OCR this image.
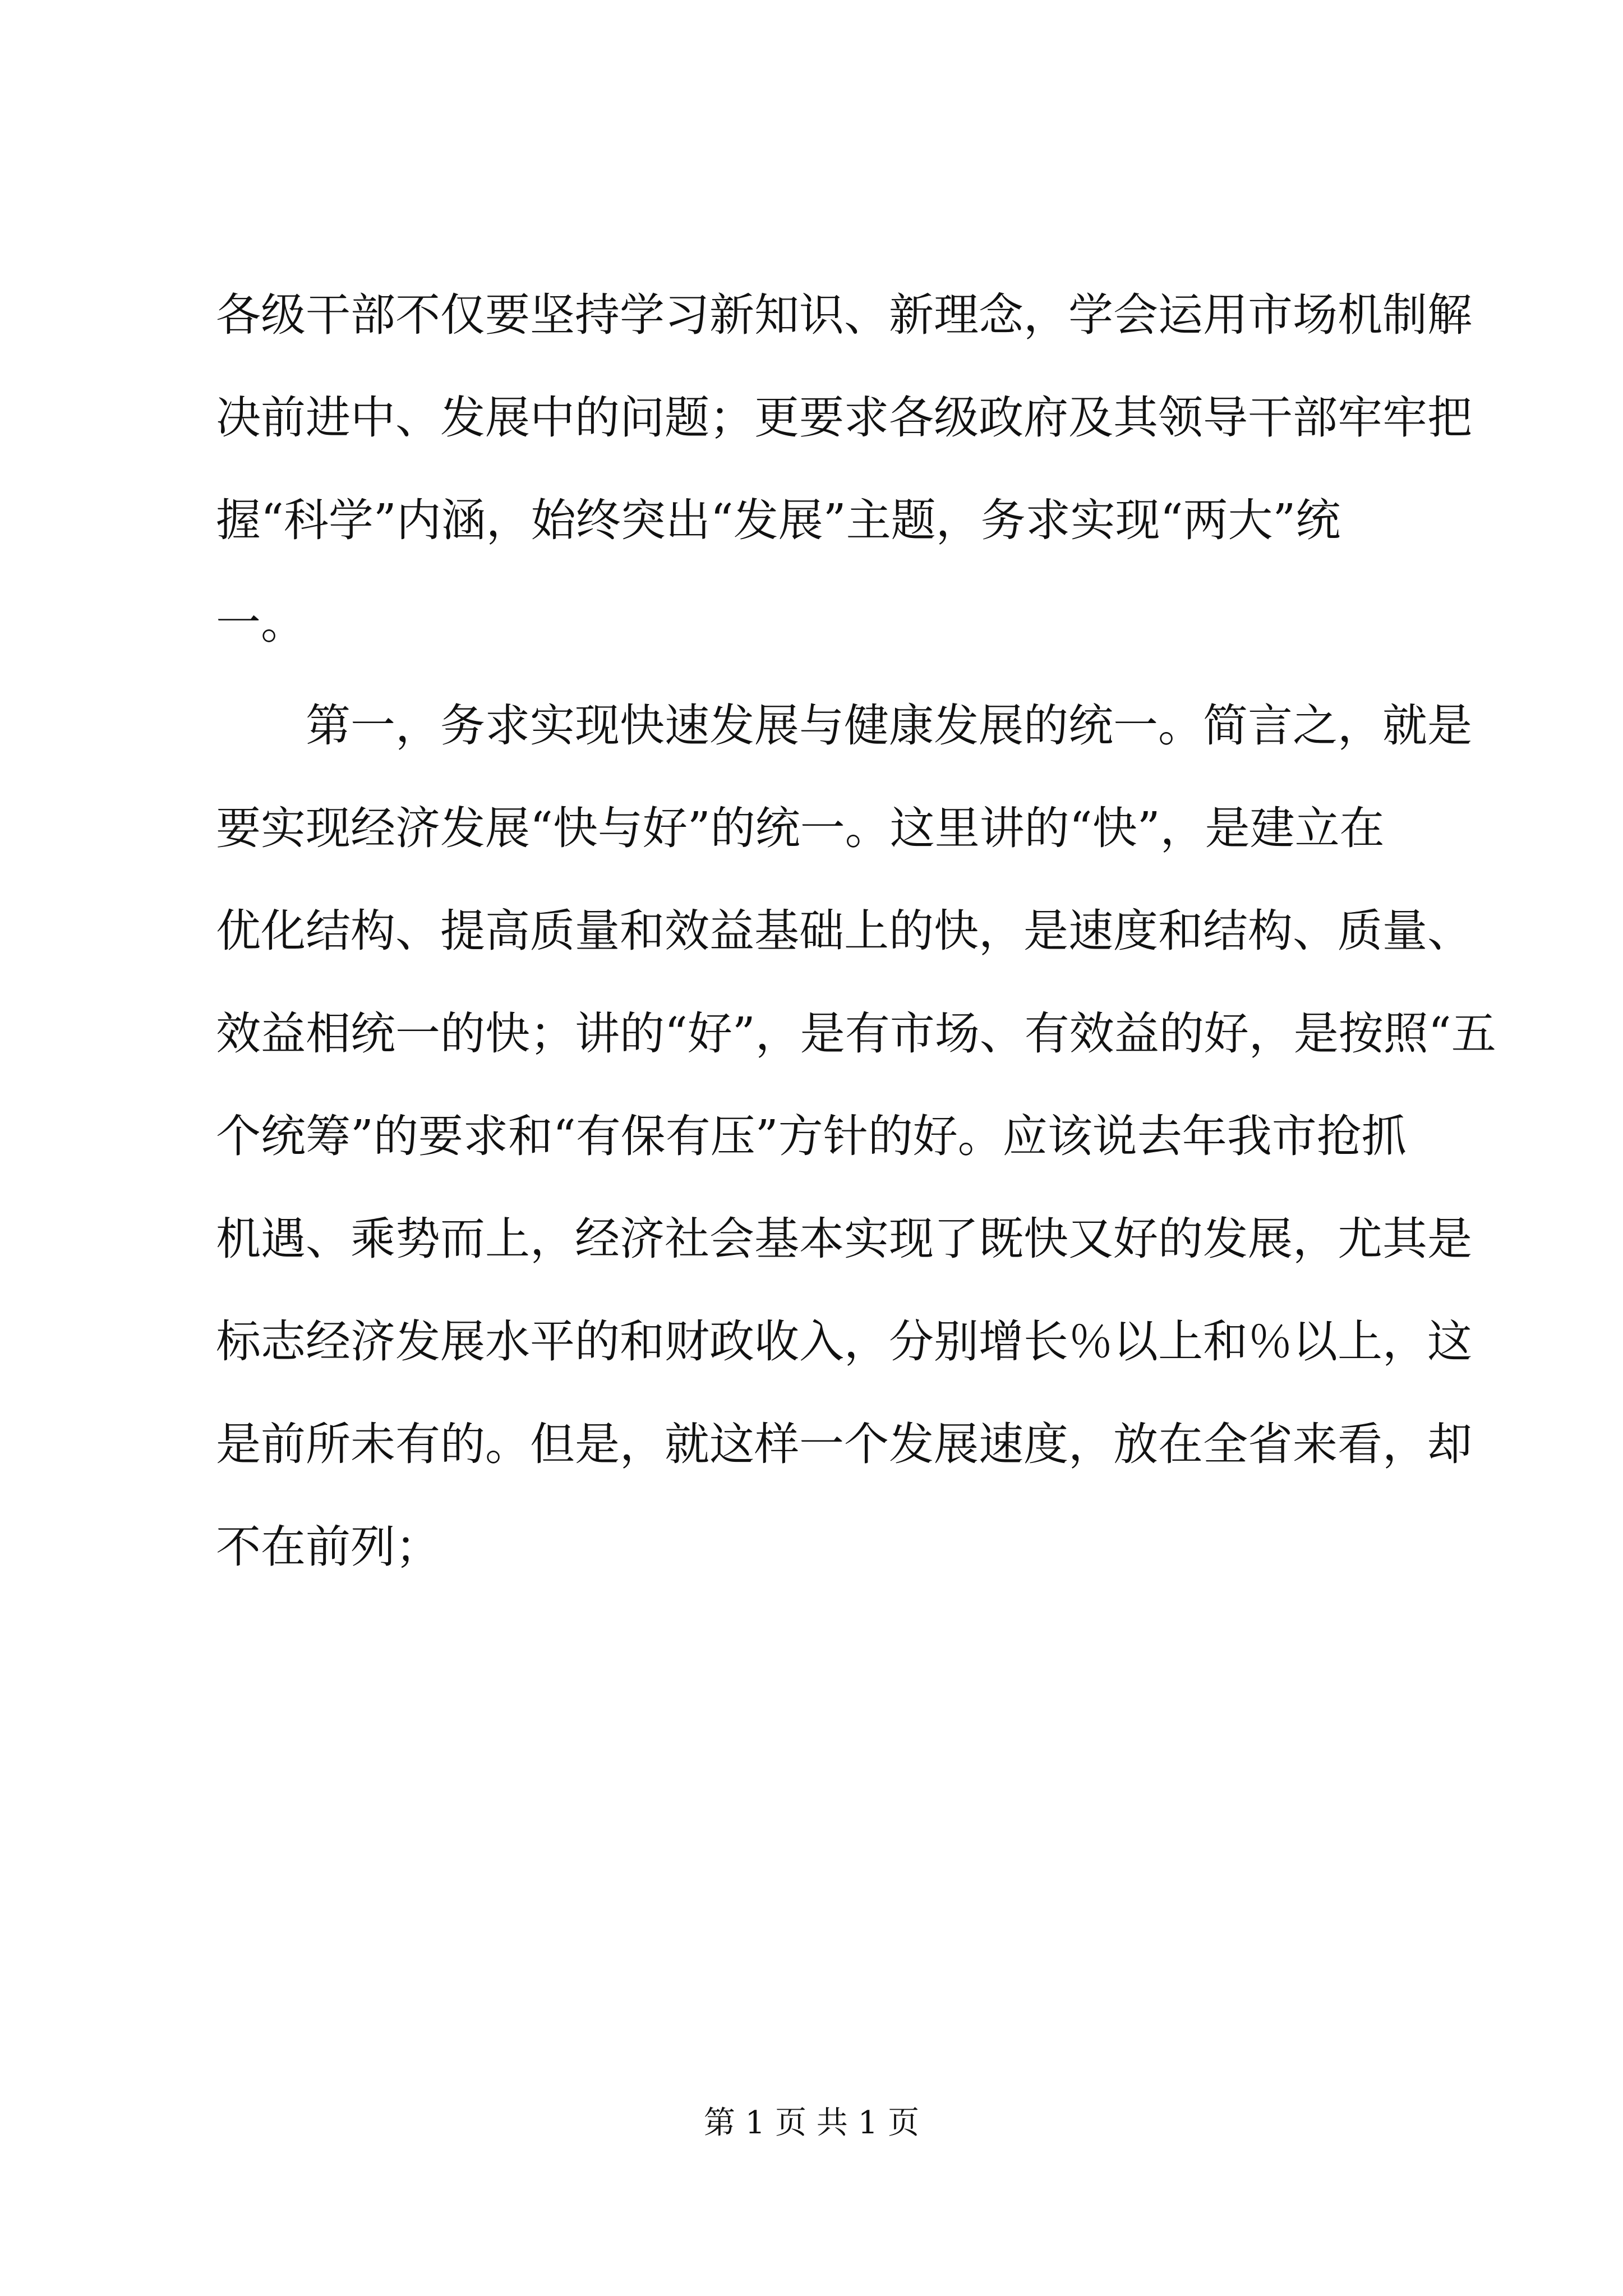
各级干部不仅要坚持学习新知识、新理念，学会运用市场机制解
决前进中、发展中的问题；更要求各级政府及其领导干部牢牢把
握“科学”内涵，始终突出“发展”主题，务求实现“两大”统
一。
　　第一，务求实现快速发展与健康发展的统一。简言之，就是
要实现经济发展“快与好”的统一。这里讲的“快”，是建立在
优化结构、提高质量和效益基础上的快，是速度和结构、质量、
效益相统一的快；讲的“好”，是有市场、有效益的好，是按照“五
个统筹”的要求和“有保有压”方针的好。应该说去年我市抢抓
机遇、乘势而上，经济社会基本实现了既快又好的发展，尤其是
标志经济发展水平的和财政收入，分别增长％以上和％以上，这
是前所未有的。但是，就这样一个发展速度，放在全省来看，却
不在前列；
第 1 页 共 1 页
